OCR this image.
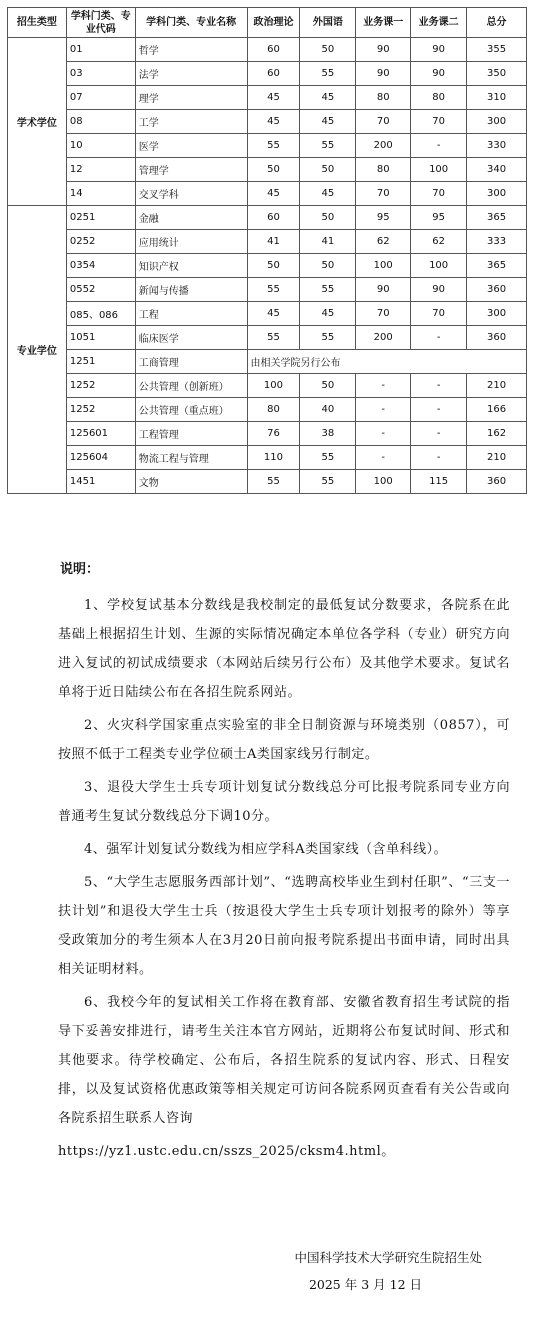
招生类型	学科门类、专业代码	学科门类、专业名称	政治理论	外国语	业务课一	业务课二	总分
学术学位	01	哲学	60	50	90	90	355
	03	法学	60	55	90	90	350
	07	理学	45	45	80	80	310
	08	工学	45	45	70	70	300
	10	医学	55	55	200	-	330
	12	管理学	50	50	80	100	340
	14	交叉学科	45	45	70	70	300
专业学位	0251	金融	60	50	95	95	365
	0252	应用统计	41	41	62	62	333
	0354	知识产权	50	50	100	100	365
	0552	新闻与传播	55	55	90	90	360
	085、086	工程	45	45	70	70	300
	1051	临床医学	55	55	200	-	360
	1251	工商管理	由相关学院另行公布				
	1252	公共管理（创新班）	100	50	-	-	210
	1252	公共管理（重点班）	80	40	-	-	166
	125601	工程管理	76	38	-	-	162
	125604	物流工程与管理	110	55	-	-	210
	1451	文物	55	55	100	115	360
说明：

1、学校复试基本分数线是我校制定的最低复试分数要求，各院系在此基础上根据招生计划、生源的实际情况确定本单位各学科（专业）研究方向进入复试的初试成绩要求（本网站后续另行公布）及其他学术要求。复试名单将于近日陆续公布在各招生院系网站。

2、火灾科学国家重点实验室的非全日制资源与环境类别（0857），可按照不低于工程类专业学位硕士A类国家线另行制定。

3、退役大学生士兵专项计划复试分数线总分可比报考院系同专业方向普通考生复试分数线总分下调10分。

4、强军计划复试分数线为相应学科A类国家线（含单科线）。

5、“大学生志愿服务西部计划”、“选聘高校毕业生到村任职”、“三支一扶计划”和退役大学生士兵（按退役大学生士兵专项计划报考的除外）等享受政策加分的考生须本人在3月20日前向报考院系提出书面申请，同时出具相关证明材料。

6、我校今年的复试相关工作将在教育部、安徽省教育招生考试院的指导下妥善安排进行，请考生关注本官方网站，近期将公布复试时间、形式和其他要求。待学校确定、公布后，各招生院系的复试内容、形式、日程安排，以及复试资格优惠政策等相关规定可访问各院系网页查看有关公告或向各院系招生联系人咨询

https://yz1.ustc.edu.cn/sszs_2025/cksm4.html。

中国科学技术大学研究生院招生处
2025 年 3 月 12 日
